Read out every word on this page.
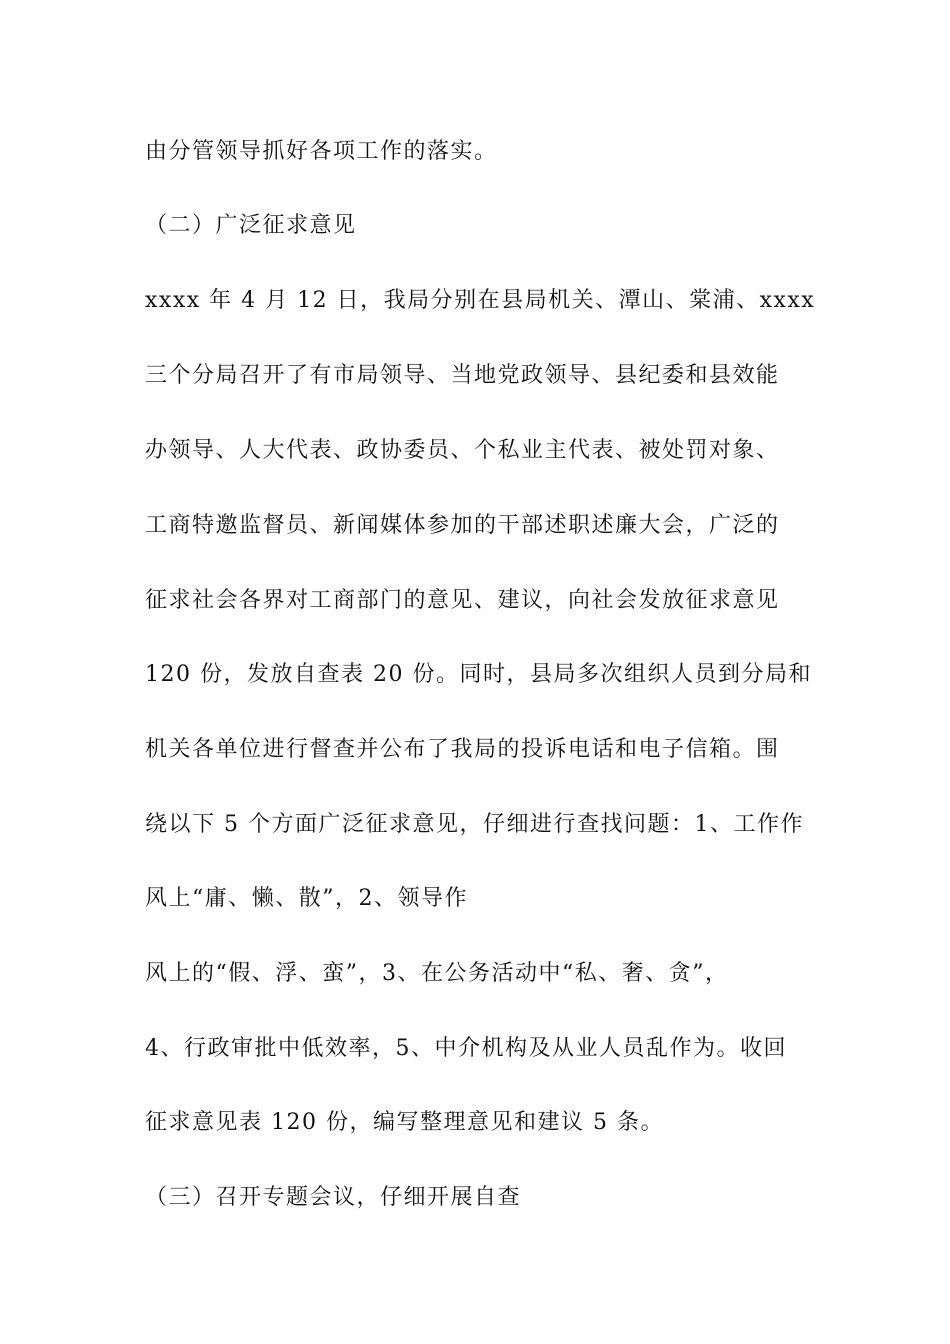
由分管领导抓好各项工作的落实。
（二）广泛征求意见
xxxx 年 4 月 12 日，我局分别在县局机关、潭山、棠浦、xxxx
三个分局召开了有市局领导、当地党政领导、县纪委和县效能
办领导、人大代表、政协委员、个私业主代表、被处罚对象、
工商特邀监督员、新闻媒体参加的干部述职述廉大会，广泛的
征求社会各界对工商部门的意见、建议，向社会发放征求意见
120 份，发放自查表 20 份。同时，县局多次组织人员到分局和
机关各单位进行督查并公布了我局的投诉电话和电子信箱。围
绕以下 5 个方面广泛征求意见，仔细进行查找问题：1、工作作
风上“庸、懒、散”，2、领导作
风上的“假、浮、蛮”，3、在公务活动中“私、奢、贪”，
4、行政审批中低效率，5、中介机构及从业人员乱作为。收回
征求意见表 120 份，编写整理意见和建议 5 条。
（三）召开专题会议，仔细开展自查
